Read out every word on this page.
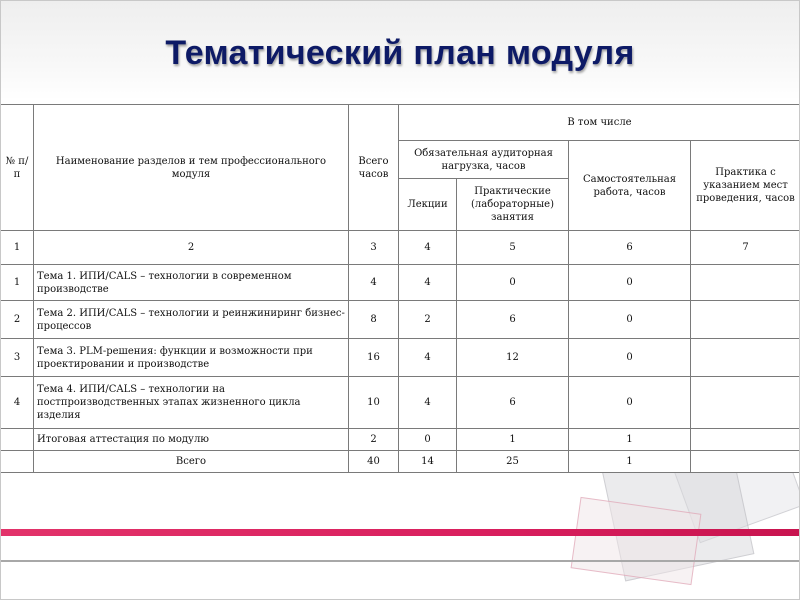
Тематический план модуля
№ п/п	Наименование разделов и тем профессионального модуля	Всего часов	В том числе			
			Обязательная аудиторная нагрузка, часов		Самостоятельная работа, часов	Практика с указанием мест проведения, часов
			Лекции	Практические (лабораторные) занятия		
1	2	3	4	5	6	7
1	Тема 1. ИПИ/CALS – технологии в современном производстве	4	4	0	0	
2	Тема 2. ИПИ/CALS – технологии и реинжиниринг бизнес-процессов	8	2	6	0	
3	Тема 3. PLM-решения: функции и возможности при проектировании и производстве	16	4	12	0	
4	Тема 4. ИПИ/CALS – технологии на постпроизводственных этапах жизненного цикла изделия	10	4	6	0	
	Итоговая аттестация по модулю	2	0	1	1	
	Всего	40	14	25	1	
